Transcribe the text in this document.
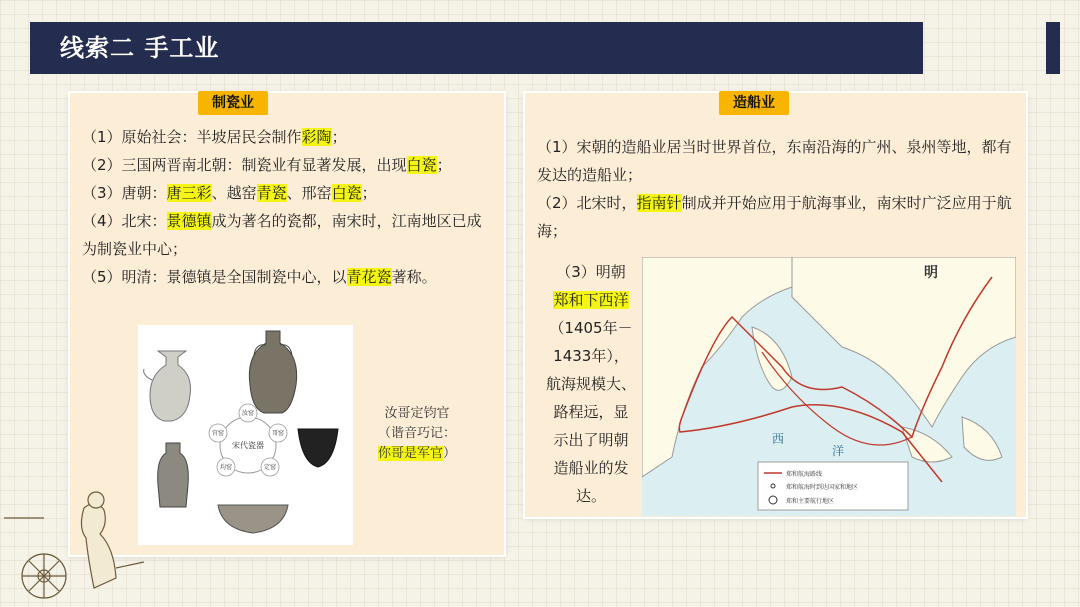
线索二 手工业
制瓷业	造船业
（1）原始社会：半坡居民会制作彩陶；
（2）三国两晋南北朝：制瓷业有显著发展，出现白瓷；
（3）唐朝：唐三彩、越窑青瓷、邢窑白瓷；
（4）北宋：景德镇成为著名的瓷都，南宋时，江南地区已成为制瓷业中心；
（5）明清：景德镇是全国制瓷中心，以青花瓷著称。
宋代瓷器
汝窑
哥窑
定窑
均窑
官窑
汝哥定钧官
（谐音巧记：
你哥是军官）
（1）宋朝的造船业居当时世界首位，东南沿海的广州、泉州等地，都有发达的造船业；
（2）北宋时，指南针制成并开始应用于航海事业，南宋时广泛应用于航海；
（3）明朝
郑和下西洋
（1405年－
1433年），
航海规模大、
路程远，显
示出了明朝
造船业的发
达。
明
西
洋
郑和航海路线
郑和航海时到达国家和地区
郑和主要航行地区
